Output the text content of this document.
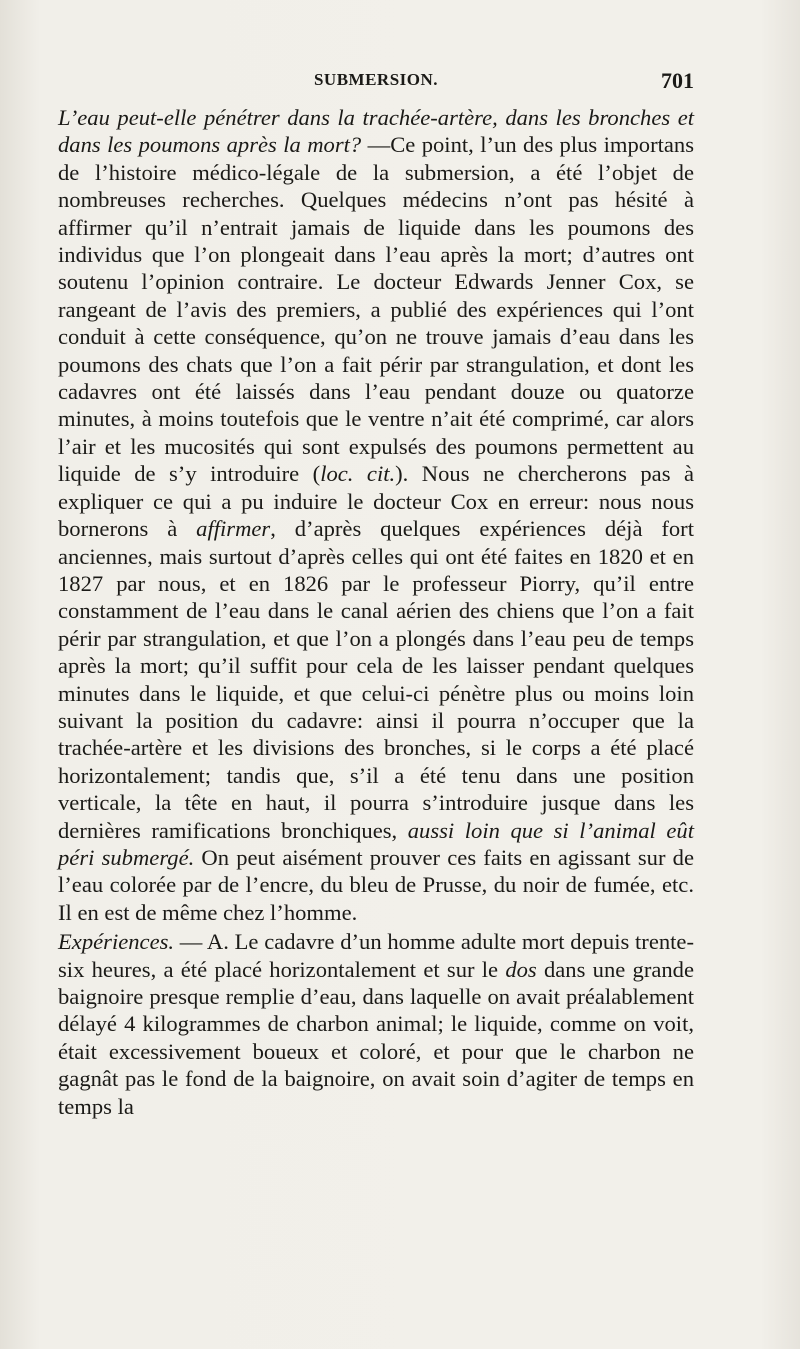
SUBMERSION.	701

L’eau peut-elle pénétrer dans la trachée-artère, dans les bronches et dans les poumons après la mort? —Ce point, l’un des plus importans de l’histoire médico-légale de la submersion, a été l’objet de nombreuses recherches. Quelques médecins n’ont pas hésité à affirmer qu’il n’entrait jamais de liquide dans les poumons des individus que l’on plongeait dans l’eau après la mort; d’autres ont soutenu l’opinion contraire. Le docteur Edwards Jenner Cox, se rangeant de l’avis des premiers, a publié des expériences qui l’ont conduit à cette conséquence, qu’on ne trouve jamais d’eau dans les poumons des chats que l’on a fait périr par strangulation, et dont les cadavres ont été laissés dans l’eau pendant douze ou quatorze minutes, à moins toutefois que le ventre n’ait été comprimé, car alors l’air et les mucosités qui sont expulsés des poumons permettent au liquide de s’y introduire (loc. cit.). Nous ne chercherons pas à expliquer ce qui a pu induire le docteur Cox en erreur: nous nous bornerons à affirmer, d’après quelques expériences déjà fort anciennes, mais surtout d’après celles qui ont été faites en 1820 et en 1827 par nous, et en 1826 par le professeur Piorry, qu’il entre constamment de l’eau dans le canal aérien des chiens que l’on a fait périr par strangulation, et que l’on a plongés dans l’eau peu de temps après la mort; qu’il suffit pour cela de les laisser pendant quelques minutes dans le liquide, et que celui-ci pénètre plus ou moins loin suivant la position du cadavre: ainsi il pourra n’occuper que la trachée-artère et les divisions des bronches, si le corps a été placé horizontalement; tandis que, s’il a été tenu dans une position verticale, la tête en haut, il pourra s’introduire jusque dans les dernières ramifications bronchiques, aussi loin que si l’animal eût péri submergé. On peut aisément prouver ces faits en agissant sur de l’eau colorée par de l’encre, du bleu de Prusse, du noir de fumée, etc. Il en est de même chez l’homme.

Expériences. — A. Le cadavre d’un homme adulte mort depuis trente-six heures, a été placé horizontalement et sur le dos dans une grande baignoire presque remplie d’eau, dans laquelle on avait préalablement délayé 4 kilogrammes de charbon animal; le liquide, comme on voit, était excessivement boueux et coloré, et pour que le charbon ne gagnât pas le fond de la baignoire, on avait soin d’agiter de temps en temps la
